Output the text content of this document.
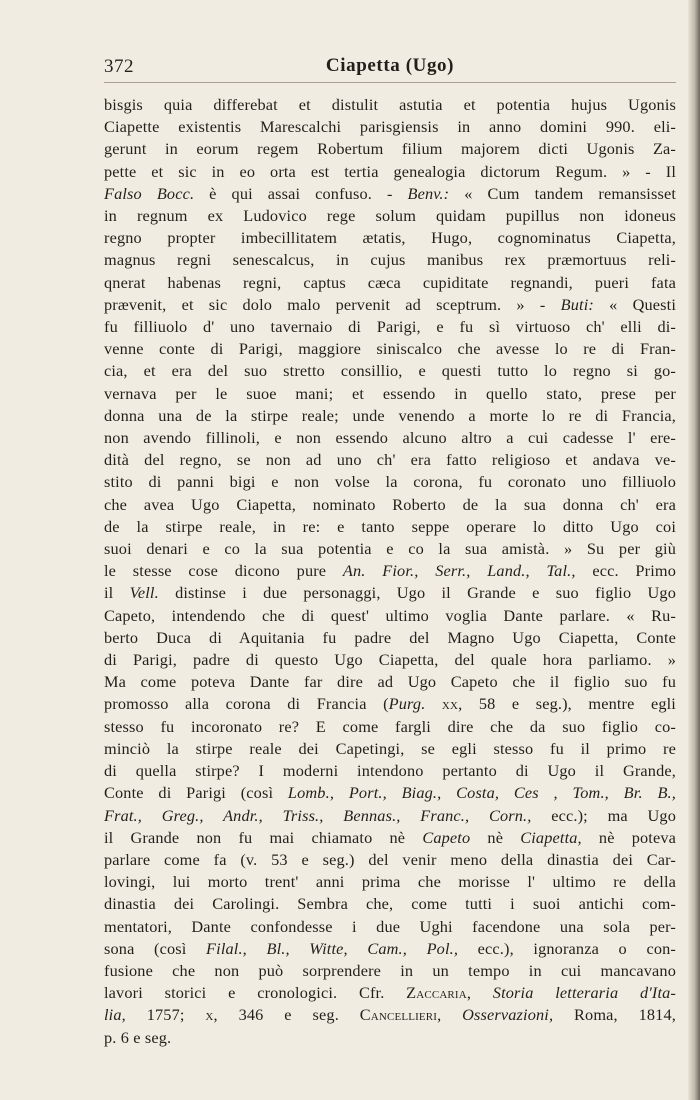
372	Ciapetta (Ugo)
bisgis quia differebat et distulit astutia et potentia hujus Ugonis
Ciapette existentis Marescalchi parisgiensis in anno domini 990. eli-
gerunt in eorum regem Robertum filium majorem dicti Ugonis Za-
pette et sic in eo orta est tertia genealogia dictorum Regum. » - Il
Falso Bocc. è qui assai confuso. - Benv.: « Cum tandem remansisset
in regnum ex Ludovico rege solum quidam pupillus non idoneus
regno propter imbecillitatem ætatis, Hugo, cognominatus Ciapetta,
magnus regni senescalcus, in cujus manibus rex præmortuus reli-
qnerat habenas regni, captus cæca cupiditate regnandi, pueri fata
prævenit, et sic dolo malo pervenit ad sceptrum. » - Buti: « Questi
fu filliuolo d' uno tavernaio di Parigi, e fu sì virtuoso ch' elli di-
venne conte di Parigi, maggiore siniscalco che avesse lo re di Fran-
cia, et era del suo stretto consillio, e questi tutto lo regno si go-
vernava per le suoe mani; et essendo in quello stato, prese per
donna una de la stirpe reale; unde venendo a morte lo re di Francia,
non avendo fillinoli, e non essendo alcuno altro a cui cadesse l' ere-
dità del regno, se non ad uno ch' era fatto religioso et andava ve-
stito di panni bigi e non volse la corona, fu coronato uno filliuolo
che avea Ugo Ciapetta, nominato Roberto de la sua donna ch' era
de la stirpe reale, in re: e tanto seppe operare lo ditto Ugo coi
suoi denari e co la sua potentia e co la sua amistà. » Su per giù
le stesse cose dicono pure An. Fior., Serr., Land., Tal., ecc. Primo
il Vell. distinse i due personaggi, Ugo il Grande e suo figlio Ugo
Capeto, intendendo che di quest' ultimo voglia Dante parlare. « Ru-
berto Duca di Aquitania fu padre del Magno Ugo Ciapetta, Conte
di Parigi, padre di questo Ugo Ciapetta, del quale hora parliamo. »
Ma come poteva Dante far dire ad Ugo Capeto che il figlio suo fu
promosso alla corona di Francia (Purg. xx, 58 e seg.), mentre egli
stesso fu incoronato re? E come fargli dire che da suo figlio co-
minciò la stirpe reale dei Capetingi, se egli stesso fu il primo re
di quella stirpe? I moderni intendono pertanto di Ugo il Grande,
Conte di Parigi (così Lomb., Port., Biag., Costa, Ces , Tom., Br. B.,
Frat., Greg., Andr., Triss., Bennas., Franc., Corn., ecc.); ma Ugo
il Grande non fu mai chiamato nè Capeto nè Ciapetta, nè poteva
parlare come fa (v. 53 e seg.) del venir meno della dinastia dei Car-
lovingi, lui morto trent' anni prima che morisse l' ultimo re della
dinastia dei Carolingi. Sembra che, come tutti i suoi antichi com-
mentatori, Dante confondesse i due Ughi facendone una sola per-
sona (così Filal., Bl., Witte, Cam., Pol., ecc.), ignoranza o con-
fusione che non può sorprendere in un tempo in cui mancavano
lavori storici e cronologici. Cfr. Zaccaria, Storia letteraria d'Ita-
lia, 1757; x, 346 e seg. Cancellieri, Osservazioni, Roma, 1814,
p. 6 e seg.
